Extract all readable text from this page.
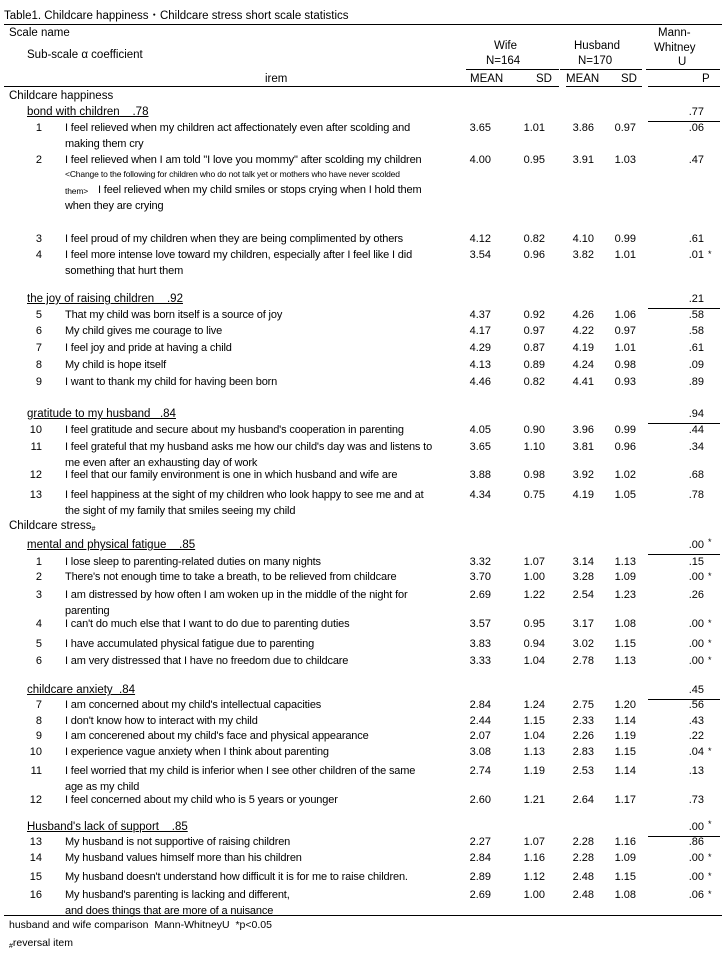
Table1. Childcare happiness・Childcare stress short scale statistics
Scale name
Sub-scale α coefficient
irem
Wife
N=164
Husband
N=170
Mann-
Whitney
U
MEAN	SD MEAN SD	P
Childcare happiness
bond with children    .78	.77
1 I feel relieved when my children act affectionately even after scolding and
making them cry
3.65	1.01	3.86 0.97	.06
2 I feel relieved when I am told "I love you mommy" after scolding my children
<Change to the following for children who do not talk yet or mothers who have never scolded
them> I feel relieved when my child smiles or stops crying when I hold them
when they are crying
4.00	0.95	3.91 1.03	.47
3 I feel proud of my children when they are being complimented by others	4.12	0.82	4.10 0.99	.61
4 I feel more intense love toward my children, especially after I feel like I did
something that hurt them
3.54	0.96	3.82 1.01	.01 *
the joy of raising children    .92	.21
5 That my child was born itself is a source of joy	4.37	0.92	4.26 1.06	.58
6 My child gives me courage to live	4.17	0.97	4.22 0.97	.58
7 I feel joy and pride at having a child	4.29	0.87	4.19 1.01	.61
8 My child is hope itself	4.13	0.89	4.24 0.98	.09
9 I want to thank my child for having been born	4.46	0.82	4.41 0.93	.89
gratitude to my husband   .84	.94
10 I feel gratitude and secure about my husband's cooperation in parenting	4.05	0.90	3.96 0.99	.44
11 I feel grateful that my husband asks me how our child's day was and listens to
me even after an exhausting day of work
3.65	1.10	3.81 0.96	.34
12 I feel that our family environment is one in which husband and wife are	3.88	0.98	3.92 1.02	.68
13 I feel happiness at the sight of my children who look happy to see me and at
the sight of my family that smiles seeing my child
4.34	0.75	4.19 1.05	.78
Childcare stress$_{\#}$
mental and physical fatigue    .85	.00 *
1 I lose sleep to parenting-related duties on many nights	3.32	1.07	3.14 1.13	.15
2 There's not enough time to take a breath, to be relieved from childcare	3.70	1.00	3.28 1.09	.00 *
3 I am distressed by how often I am woken up in the middle of the night for
parenting
2.69	1.22	2.54 1.23	.26
4 I can't do much else that I want to do due to parenting duties	3.57	0.95	3.17 1.08	.00 *
5 I have accumulated physical fatigue due to parenting	3.83	0.94	3.02 1.15	.00 *
6 I am very distressed that I have no freedom due to childcare	3.33	1.04	2.78 1.13	.00 *
childcare anxiety  .84	.45
7 I am concerned about my child's intellectual capacities	2.84	1.24	2.75 1.20	.56
8 I don't know how to interact with my child	2.44	1.15	2.33 1.14	.43
9 I am concerened about my child's face and physical appearance	2.07	1.04	2.26 1.19	.22
10 I experience vague anxiety when I think about parenting	3.08	1.13	2.83 1.15	.04 *
11 I feel worried that my child is inferior when I see other children of the same
age as my child
2.74	1.19	2.53 1.14	.13
12 I feel concerned about my child who is 5 years or younger	2.60	1.21	2.64 1.17	.73
Husband's lack of support    .85	.00 *
13 My husband is not supportive of raising children	2.27	1.07	2.28 1.16	.86
14 My husband values himself more than his children	2.84	1.16	2.28 1.09	.00 *
15 My husband doesn't understand how difficult it is for me to raise children.	2.89	1.12	2.48 1.15	.00 *
16 My husband's parenting is lacking and different,
and does things that are more of a nuisance
2.69	1.00	2.48 1.08	.06 *
husband and wife comparison  Mann-WhitneyU  *p<0.05
$_{\#}$reversal item
